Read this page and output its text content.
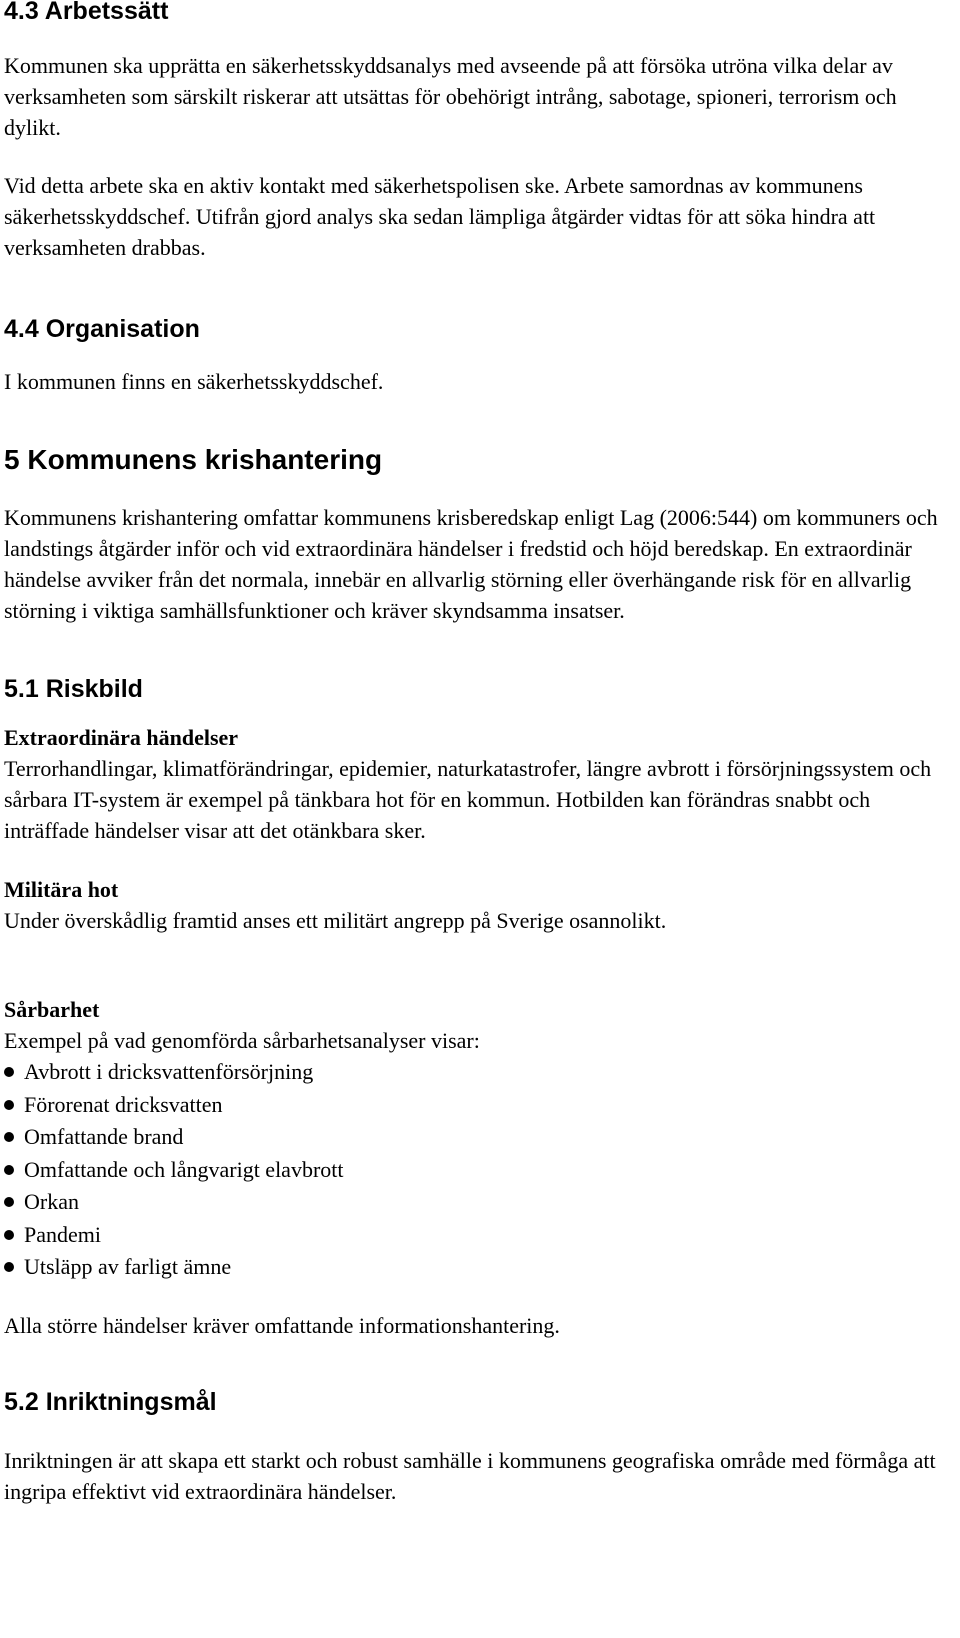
4.3 Arbetssätt

Kommunen ska upprätta en säkerhetsskyddsanalys med avseende på att försöka utröna vilka delar av verksamheten som särskilt riskerar att utsättas för obehörigt intrång, sabotage, spioneri, terrorism och dylikt.

Vid detta arbete ska en aktiv kontakt med säkerhetspolisen ske. Arbete samordnas av kommunens säkerhetsskyddschef. Utifrån gjord analys ska sedan lämpliga åtgärder vidtas för att söka hindra att verksamheten drabbas.

4.4 Organisation

I kommunen finns en säkerhetsskyddschef.

5 Kommunens krishantering

Kommunens krishantering omfattar kommunens krisberedskap enligt Lag (2006:544) om kommuners och landstings åtgärder inför och vid extraordinära händelser i fredstid och höjd beredskap. En extraordinär händelse avviker från det normala, innebär en allvarlig störning eller överhängande risk för en allvarlig störning i viktiga samhällsfunktioner och kräver skyndsamma insatser.

5.1 Riskbild

Extraordinära händelser

Terrorhandlingar, klimatförändringar, epidemier, naturkatastrofer, längre avbrott i försörjningssystem och sårbara IT-system är exempel på tänkbara hot för en kommun. Hotbilden kan förändras snabbt och inträffade händelser visar att det otänkbara sker.

Militära hot

Under överskådlig framtid anses ett militärt angrepp på Sverige osannolikt.

Sårbarhet

Exempel på vad genomförda sårbarhetsanalyser visar:

Avbrott i dricksvattenförsörjning
Förorenat dricksvatten
Omfattande brand
Omfattande och långvarigt elavbrott
Orkan
Pandemi
Utsläpp av farligt ämne

Alla större händelser kräver omfattande informationshantering.

5.2 Inriktningsmål

Inriktningen är att skapa ett starkt och robust samhälle i kommunens geografiska område med förmåga att ingripa effektivt vid extraordinära händelser.
